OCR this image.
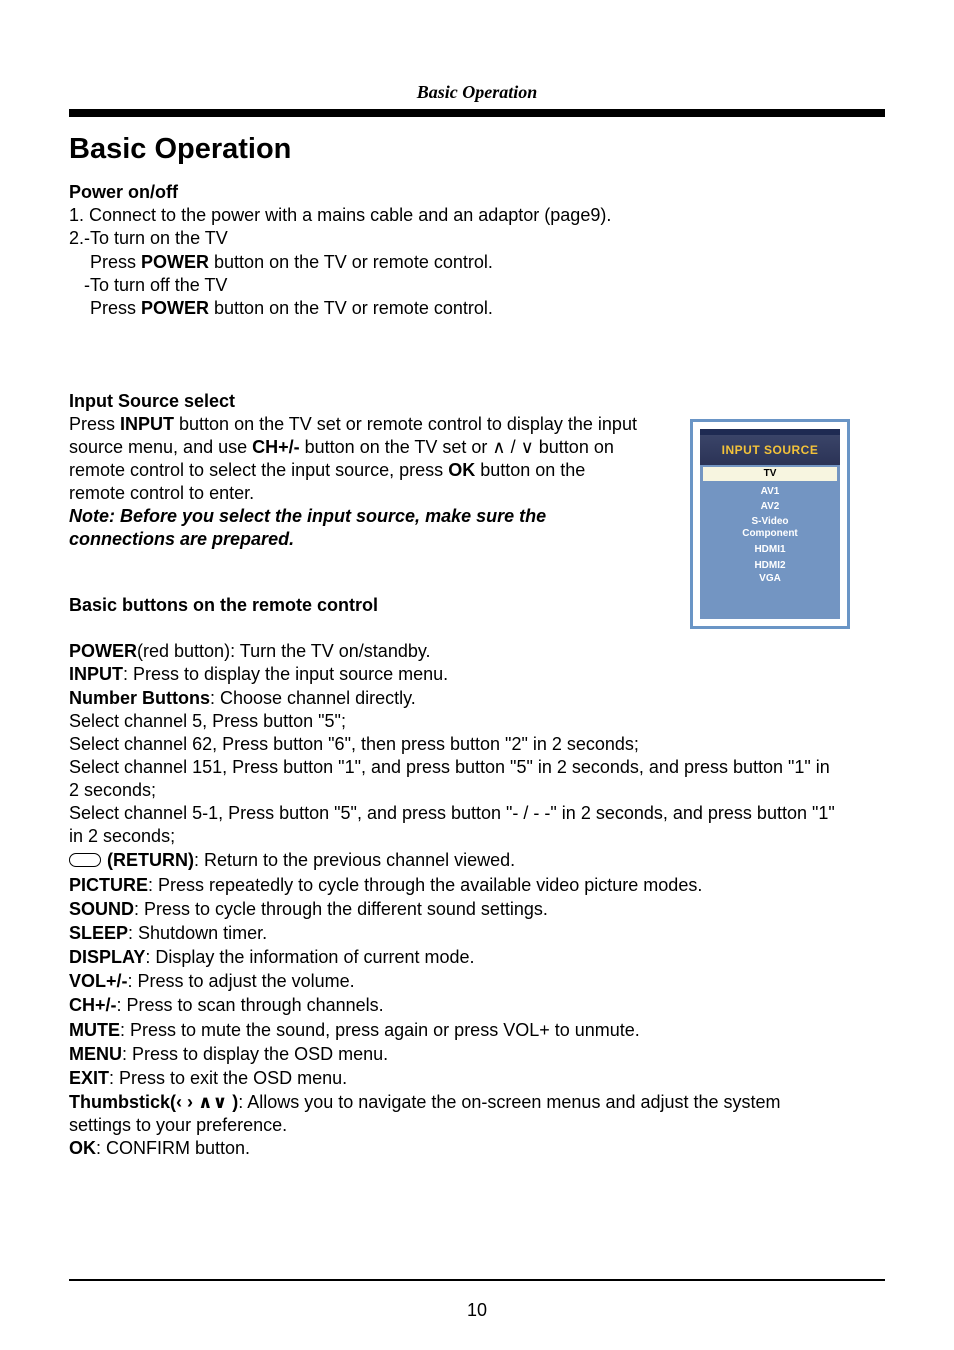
Basic Operation
Basic Operation
Power on/off
1. Connect to the power with a mains cable and an adaptor (page9).
2.-To turn on the TV
Press POWER button on the TV or remote control.
-To turn off the TV
Press POWER button on the TV or remote control.
Input Source select
Press INPUT button on the TV set or remote control to display the input
source menu, and use CH+/- button on the TV set or ∧ / ∨ button on
remote control to select the input source, press OK button on the
remote control to enter.
Note: Before you select the input source, make sure the
connections are prepared.
INPUT SOURCE
TV
AV1
AV2
S-Video
Component
HDMI1
HDMI2
VGA
Basic buttons on the remote control
POWER(red button): Turn the TV on/standby.
INPUT: Press to display the input source menu.
Number Buttons: Choose channel directly.
Select channel 5, Press button "5";
Select channel 62, Press button "6", then press button "2" in 2 seconds;
Select channel 151, Press button "1", and press button "5" in 2 seconds, and press button "1" in
2 seconds;
Select channel 5-1, Press button "5", and press button "- / - -" in 2 seconds, and press button "1"
in 2 seconds;
(RETURN): Return to the previous channel viewed.
PICTURE: Press repeatedly to cycle through the available video picture modes.
SOUND: Press to cycle through the different sound settings.
SLEEP: Shutdown timer.
DISPLAY: Display the information of current mode.
VOL+/-: Press to adjust the volume.
CH+/-: Press to scan through channels.
MUTE: Press to mute the sound, press again or press VOL+ to unmute.
MENU: Press to display the OSD menu.
EXIT: Press to exit the OSD menu.
Thumbstick(‹ › ∧∨ ): Allows you to navigate the on-screen menus and adjust the system
settings to your preference.
OK: CONFIRM button.
10
